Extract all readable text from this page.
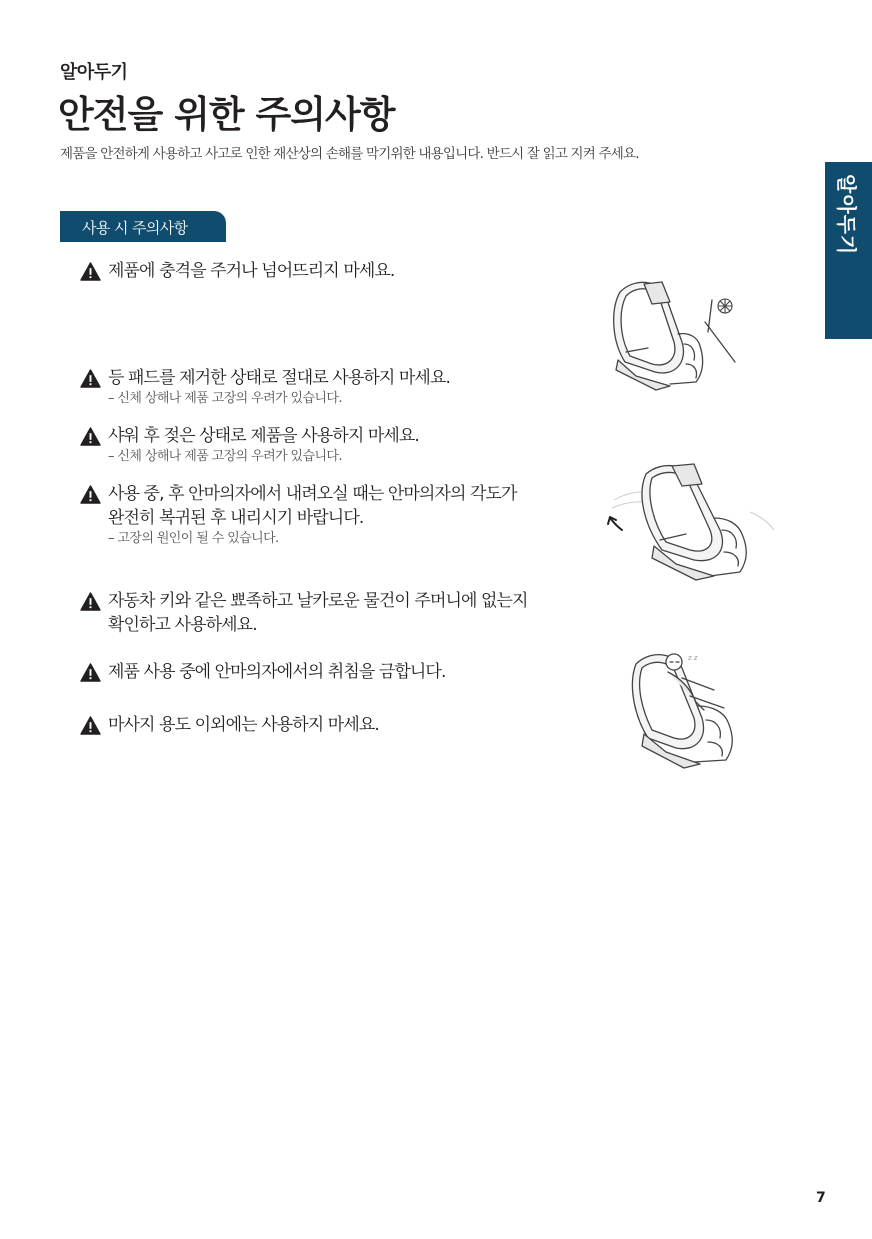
알아두기
안전을 위한 주의사항
제품을 안전하게 사용하고 사고로 인한 재산상의 손해를 막기위한 내용입니다. 반드시 잘 읽고 지켜 주세요.
알아두기
사용 시 주의사항
제품에 충격을 주거나 넘어뜨리지 마세요.
등 패드를 제거한 상태로 절대로 사용하지 마세요.
– 신체 상해나 제품 고장의 우려가 있습니다.
샤워 후 젖은 상태로 제품을 사용하지 마세요.
– 신체 상해나 제품 고장의 우려가 있습니다.
사용 중, 후 안마의자에서 내려오실 때는 안마의자의 각도가
완전히 복귀된 후 내리시기 바랍니다.
– 고장의 원인이 될 수 있습니다.
자동차 키와 같은 뾰족하고 날카로운 물건이 주머니에 없는지
확인하고 사용하세요.
제품 사용 중에 안마의자에서의 취침을 금합니다.
마사지 용도 이외에는 사용하지 마세요.
z z
7
